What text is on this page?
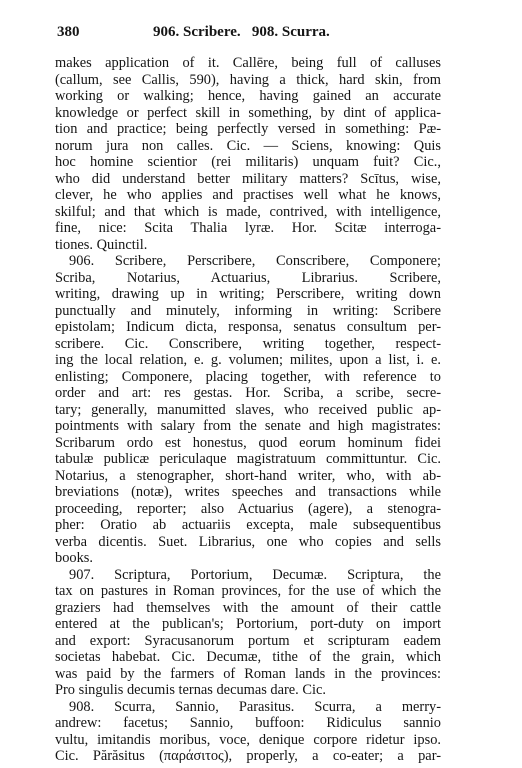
380	906. Scribere.   908. Scurra.
makes application of it. Callēre, being full of calluses
(callum, see Callis, 590), having a thick, hard skin, from
working or walking; hence, having gained an accurate
knowledge or perfect skill in something, by dint of applica-
tion and practice; being perfectly versed in something: Pæ-
norum jura non calles. Cic. — Sciens, knowing: Quis
hoc homine scientior (rei militaris) unquam fuit? Cic.,
who did understand better military matters? Scītus, wise,
clever, he who applies and practises well what he knows,
skilful; and that which is made, contrived, with intelligence,
fine, nice: Scita Thalia lyræ. Hor. Scitæ interroga-
tiones. Quinctil.
906. Scribere, Perscribere, Conscribere, Componere;
Scriba, Notarius, Actuarius, Librarius. Scribere,
writing, drawing up in writing; Perscribere, writing down
punctually and minutely, informing in writing: Scribere
epistolam; Indicum dicta, responsa, senatus consultum per-
scribere. Cic. Conscribere, writing together, respect-
ing the local relation, e. g. volumen; milites, upon a list, i. e.
enlisting; Componere, placing together, with reference to
order and art: res gestas. Hor. Scriba, a scribe, secre-
tary; generally, manumitted slaves, who received public ap-
pointments with salary from the senate and high magistrates:
Scribarum ordo est honestus, quod eorum hominum fidei
tabulæ publicæ periculaque magistratuum committuntur. Cic.
Notarius, a stenographer, short-hand writer, who, with ab-
breviations (notæ), writes speeches and transactions while
proceeding, reporter; also Actuarius (agere), a stenogra-
pher: Oratio ab actuariis excepta, male subsequentibus
verba dicentis. Suet. Librarius, one who copies and sells
books.
907. Scriptura, Portorium, Decumæ. Scriptura, the
tax on pastures in Roman provinces, for the use of which the
graziers had themselves with the amount of their cattle
entered at the publican's; Portorium, port-duty on import
and export: Syracusanorum portum et scripturam eadem
societas habebat. Cic. Decumæ, tithe of the grain, which
was paid by the farmers of Roman lands in the provinces:
Pro singulis decumis ternas decumas dare. Cic.
908. Scurra, Sannio, Parasitus. Scurra, a merry-
andrew: facetus; Sannio, buffoon: Ridiculus sannio
vultu, imitandis moribus, voce, denique corpore ridetur ipso.
Cic. Părăsitus (παράσιτος), properly, a co-eater; a par-
